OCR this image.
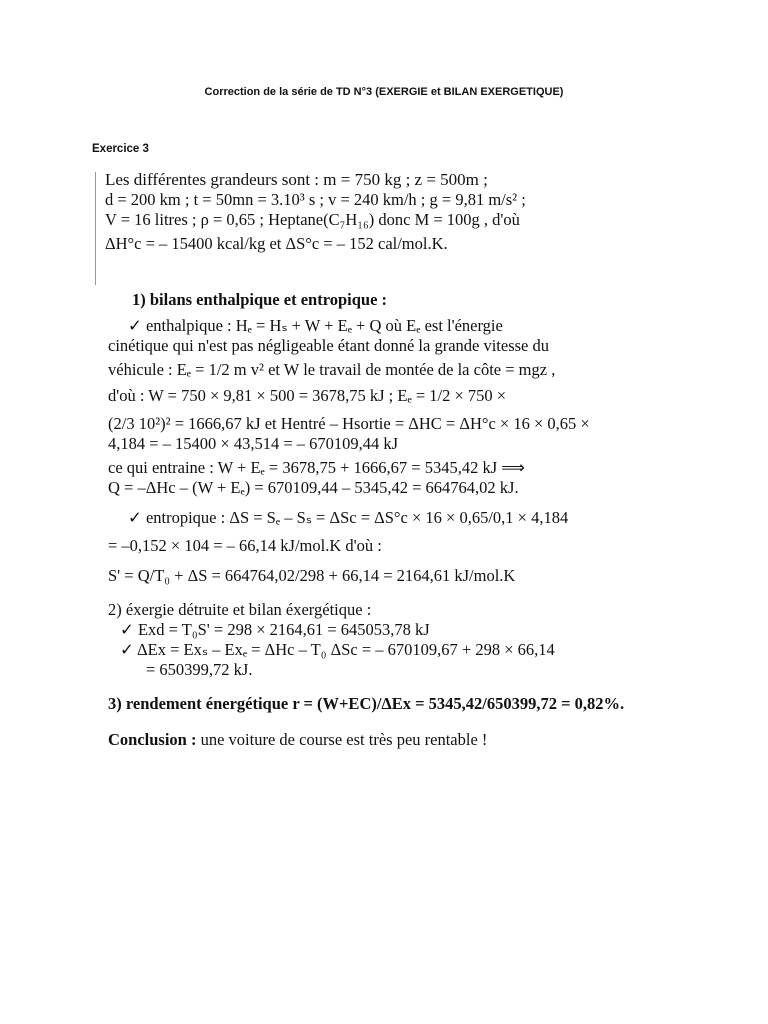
Correction de la série de TD N°3 (EXERGIE et BILAN EXERGETIQUE)
Exercice 3
Les différentes grandeurs sont : m = 750 kg ; z = 500m ;
d = 200 km ; t = 50mn = 3.10³ s ; v = 240 km/h ; g = 9,81 m/s² ;
V = 16 litres ; ρ = 0,65 ; Heptane(C₇H₁₆) donc M = 100g , d'où
ΔH°c = – 15400 kcal/kg et ΔS°c = – 152 cal/mol.K.
1) bilans enthalpique et entropique :
✓ enthalpique : Hₑ = Hₛ + W + Eₑ + Q où Eₑ est l'énergie
cinétique qui n'est pas négligeable étant donné la grande vitesse du
véhicule : Eₑ = 1/2 m v² et W le travail de montée de la côte = mgz ,
d'où : W = 750 × 9,81 × 500 = 3678,75 kJ ; Eₑ = 1/2 × 750 ×
(2/3 10²)² = 1666,67 kJ et Hentré – Hsortie = ΔHC = ΔH°c × 16 × 0,65 ×
4,184 = – 15400 × 43,514 = – 670109,44 kJ
ce qui entraine : W + Eₑ = 3678,75 + 1666,67 = 5345,42 kJ ⟹
Q = –ΔHc – (W + Eₑ) = 670109,44 – 5345,42 = 664764,02 kJ.
✓ entropique : ΔS = Sₑ – Sₛ = ΔSc = ΔS°c × 16 × 0,65/0,1 × 4,184
= –0,152 × 104 = – 66,14 kJ/mol.K d'où :
S' = Q/T₀ + ΔS = 664764,02/298 + 66,14 = 2164,61 kJ/mol.K
2) éxergie détruite et bilan éxergétique :
✓ Exd = T₀S' = 298 × 2164,61 = 645053,78 kJ
✓ ΔEx = Exₛ – Exₑ = ΔHc – T₀ ΔSc = – 670109,67 + 298 × 66,14
= 650399,72 kJ.
3) rendement énergétique r = (W+EC)/ΔEx = 5345,42/650399,72 = 0,82%.
Conclusion : une voiture de course est très peu rentable !
